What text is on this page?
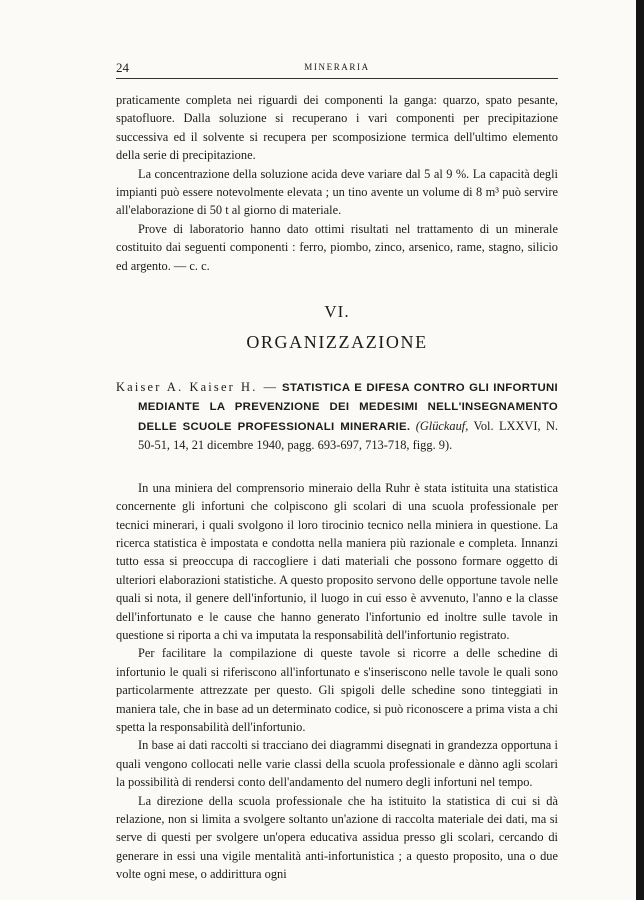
24	MINERARIA

praticamente completa nei riguardi dei componenti la ganga: quarzo, spato pesante, spatofluore. Dalla soluzione si recuperano i vari componenti per precipitazione successiva ed il solvente si recupera per scomposizione termica dell'ultimo elemento della serie di precipitazione.

La concentrazione della soluzione acida deve variare dal 5 al 9 %. La capacità degli impianti può essere notevolmente elevata ; un tino avente un volume di 8 m³ può servire all'elaborazione di 50 t al giorno di materiale.

Prove di laboratorio hanno dato ottimi risultati nel trattamento di un minerale costituito dai seguenti componenti : ferro, piombo, zinco, arsenico, rame, stagno, silicio ed argento. — c. c.

VI.
ORGANIZZAZIONE
Kaiser A. Kaiser H. — STATISTICA E DIFESA CONTRO GLI INFORTUNI MEDIANTE LA PREVENZIONE DEI MEDESIMI NELL'INSEGNAMENTO DELLE SCUOLE PROFESSIONALI MINERARIE. (Glückauf, Vol. LXXVI, N. 50-51, 14, 21 dicembre 1940, pagg. 693-697, 713-718, figg. 9).

In una miniera del comprensorio mineraio della Ruhr è stata istituita una statistica concernente gli infortuni che colpiscono gli scolari di una scuola professionale per tecnici minerari, i quali svolgono il loro tirocinio tecnico nella miniera in questione. La ricerca statistica è impostata e condotta nella maniera più razionale e completa. Innanzi tutto essa si preoccupa di raccogliere i dati materiali che possono formare oggetto di ulteriori elaborazioni statistiche. A questo proposito servono delle opportune tavole nelle quali si nota, il genere dell'infortunio, il luogo in cui esso è avvenuto, l'anno e la classe dell'infortunato e le cause che hanno generato l'infortunio ed inoltre sulle tavole in questione si riporta a chi va imputata la responsabilità dell'infortunio registrato.

Per facilitare la compilazione di queste tavole si ricorre a delle schedine di infortunio le quali si riferiscono all'infortunato e s'inseriscono nelle tavole le quali sono particolarmente attrezzate per questo. Gli spigoli delle schedine sono tinteggiati in maniera tale, che in base ad un determinato codice, si può riconoscere a prima vista a chi spetta la responsabilità dell'infortunio.

In base ai dati raccolti si tracciano dei diagrammi disegnati in grandezza opportuna i quali vengono collocati nelle varie classi della scuola professionale e dànno agli scolari la possibilità di rendersi conto dell'andamento del numero degli infortuni nel tempo.

La direzione della scuola professionale che ha istituito la statistica di cui si dà relazione, non si limita a svolgere soltanto un'azione di raccolta materiale dei dati, ma si serve di questi per svolgere un'opera educativa assidua presso gli scolari, cercando di generare in essi una vigile mentalità anti-infortunistica ; a questo proposito, una o due volte ogni mese, o addirittura ogni
